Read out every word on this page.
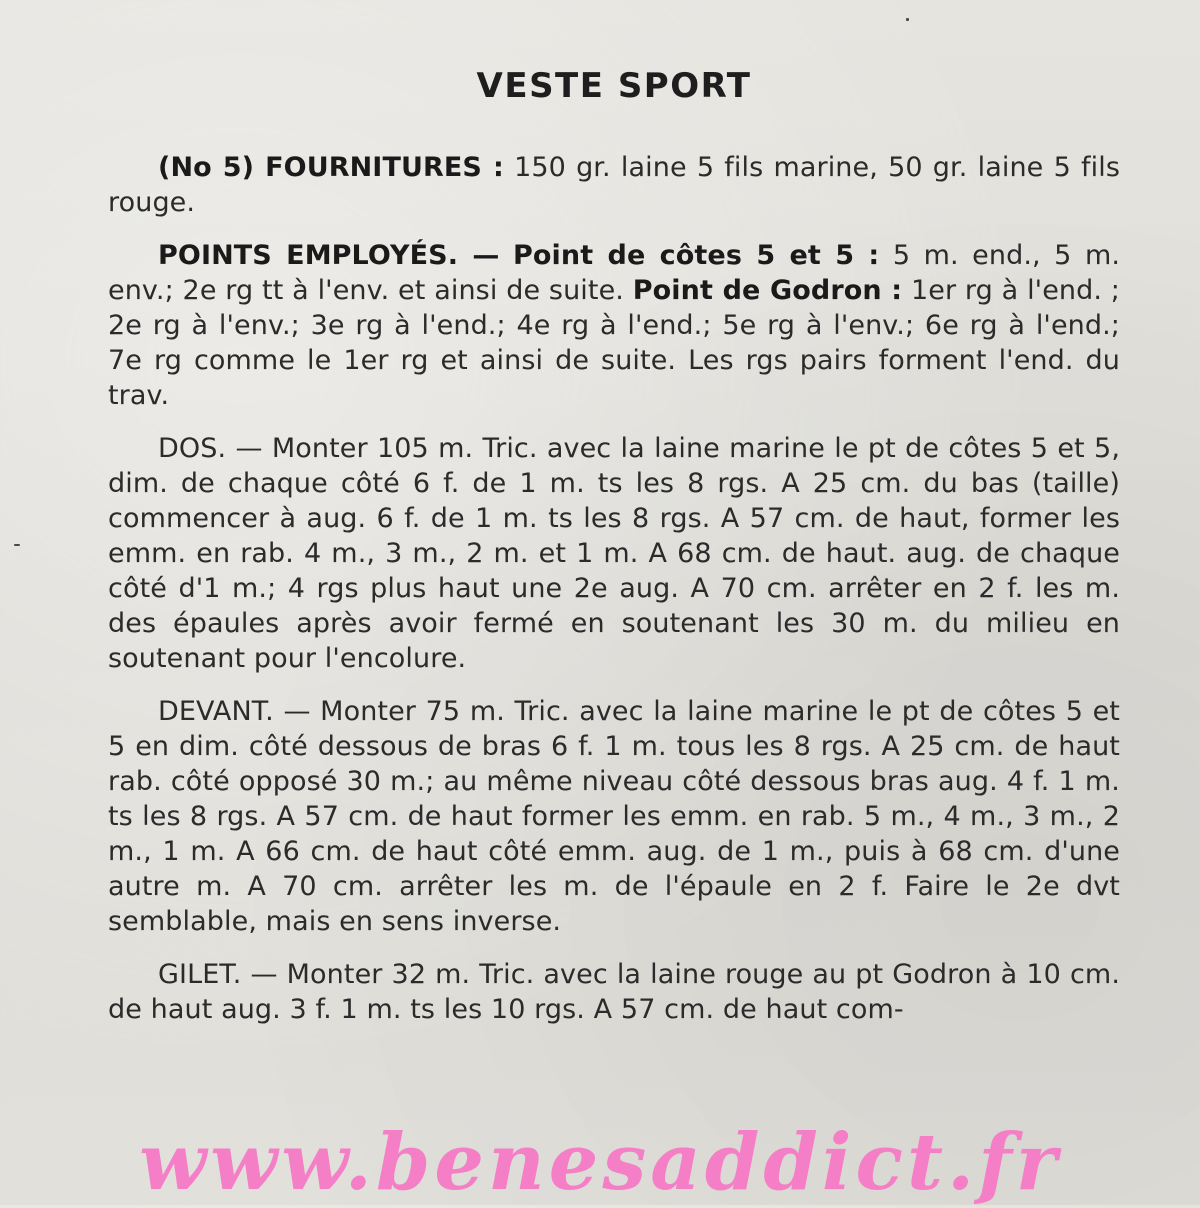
VESTE SPORT

(No 5) FOURNITURES : 150 gr. laine 5 fils marine, 50 gr. laine 5 fils rouge.

POINTS EMPLOYÉS. — Point de côtes 5 et 5 : 5 m. end., 5 m. env.; 2e rg tt à l'env. et ainsi de suite. Point de Godron : 1er rg à l'end. ; 2e rg à l'env.; 3e rg à l'end.; 4e rg à l'end.; 5e rg à l'env.; 6e rg à l'end.; 7e rg comme le 1er rg et ainsi de suite. Les rgs pairs forment l'end. du trav.

DOS. — Monter 105 m. Tric. avec la laine marine le pt de côtes 5 et 5, dim. de chaque côté 6 f. de 1 m. ts les 8 rgs. A 25 cm. du bas (taille) commencer à aug. 6 f. de 1 m. ts les 8 rgs. A 57 cm. de haut, former les emm. en rab. 4 m., 3 m., 2 m. et 1 m. A 68 cm. de haut. aug. de chaque côté d'1 m.; 4 rgs plus haut une 2e aug. A 70 cm. arrêter en 2 f. les m. des épaules après avoir fermé en soutenant les 30 m. du milieu en soutenant pour l'encolure.

DEVANT. — Monter 75 m. Tric. avec la laine marine le pt de côtes 5 et 5 en dim. côté dessous de bras 6 f. 1 m. tous les 8 rgs. A 25 cm. de haut rab. côté opposé 30 m.; au même niveau côté dessous bras aug. 4 f. 1 m. ts les 8 rgs. A 57 cm. de haut former les emm. en rab. 5 m., 4 m., 3 m., 2 m., 1 m. A 66 cm. de haut côté emm. aug. de 1 m., puis à 68 cm. d'une autre m. A 70 cm. arrêter les m. de l'épaule en 2 f. Faire le 2e dvt semblable, mais en sens inverse.

GILET. — Monter 32 m. Tric. avec la laine rouge au pt Godron à 10 cm. de haut aug. 3 f. 1 m. ts les 10 rgs. A 57 cm. de haut com-

www.benesaddict.fr
